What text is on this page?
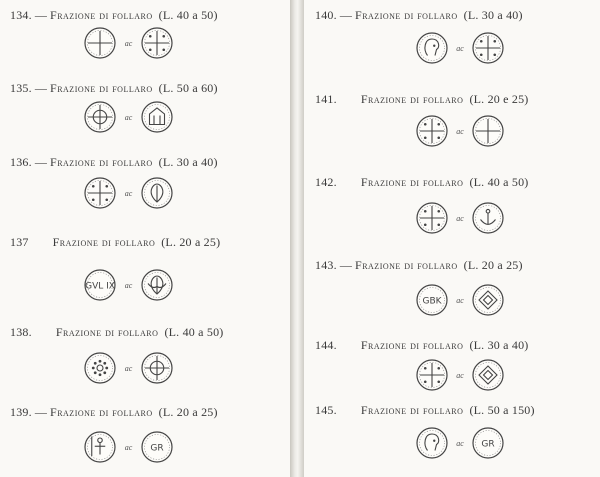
134. — Frazione di follaro (L. 40 a 50)
ac
135. — Frazione di follaro (L. 50 a 60)
ac
136. — Frazione di follaro (L. 30 a 40)
ac
137 Frazione di follaro (L. 20 a 25)
GVL IX ac
138. Frazione di follaro (L. 40 a 50)
ac
139. — Frazione di follaro (L. 20 a 25)
GR
ac
140. — Frazione di follaro (L. 30 a 40)
ac
141. Frazione di follaro (L. 20 e 25)
ac
142. Frazione di follaro (L. 40 a 50)
ac
143. — Frazione di follaro (L. 20 a 25)
GBK ac
144. Frazione di follaro (L. 30 a 40)
ac
145. Frazione di follaro (L. 50 a 150)
GR
ac
